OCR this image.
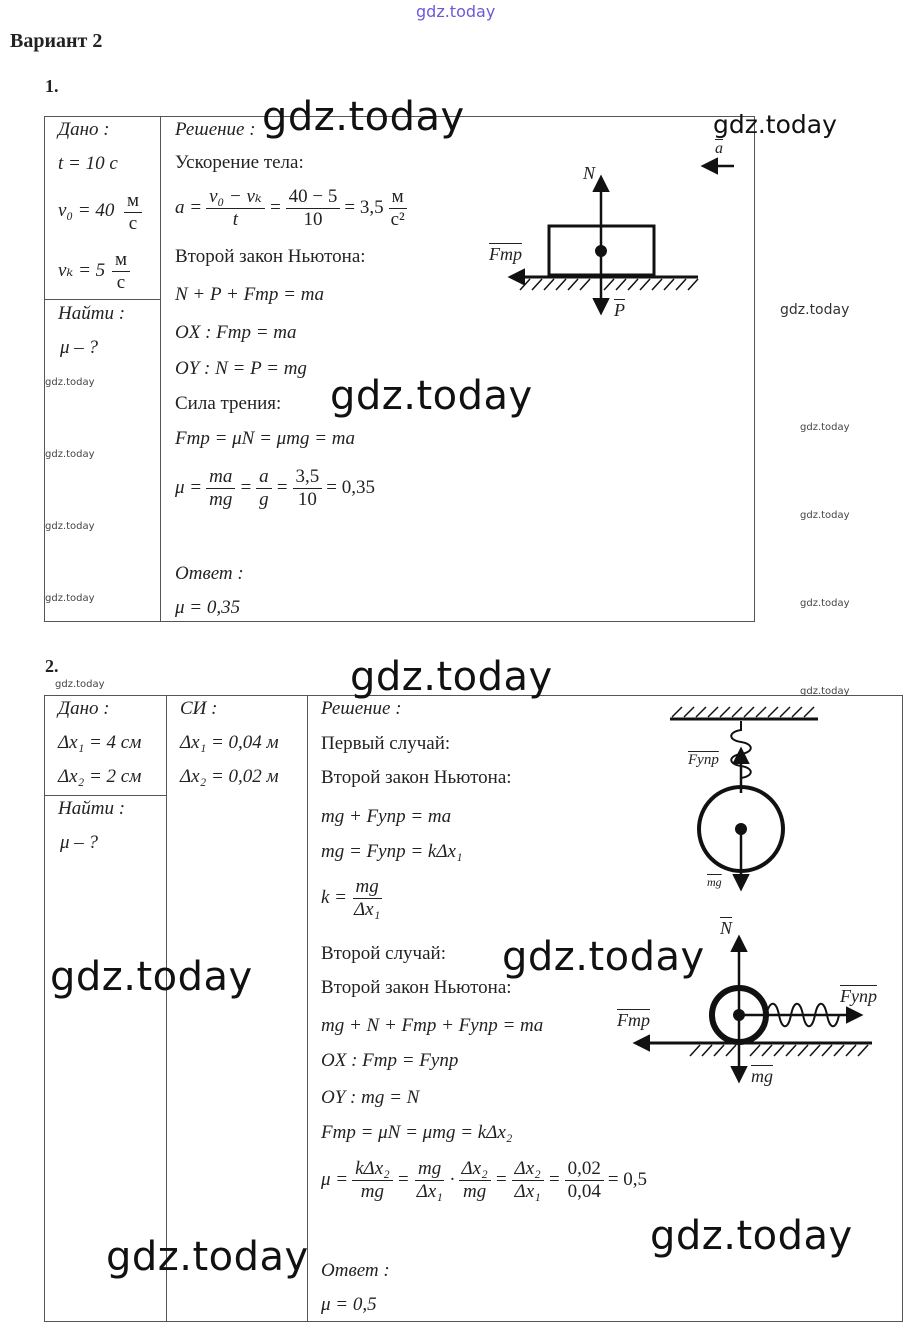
gdz.today
Вариант 2
1.
Дано :
t = 10 с
$v_0 = 40 \frac{м}{с}$
$v_k = 5 \frac{м}{с}$
Найти :
μ – ?
Решение :
Ускорение тела:
$a = \frac{\text{v₀ − vₖ}}{t} = \frac{40 - 5}{10} = 3,5 \frac{м}{\text{с²}}$
Второй закон Ньютона:
N + P + Fтр = ma
OX : Fтр = ma
OY : N = P = mg
Сила трения:
Fтр = μN = μmg = ma
$\mu = \frac{ma}{mg} = \frac{a}{g} = \frac{3,5}{10} = 0,35$
Ответ :
μ = 0,35
N
$\overline{P}$
Fтр
$\overline{a}$
2.
Дано :
Δx₁ = 4 см
Δx₂ = 2 см
Найти :
μ – ?
СИ :
Δx₁ = 0,04 м
Δx₂ = 0,02 м
Решение :
Первый случай:
Второй закон Ньютона:
mg + Fупр = ma
mg = Fупр = kΔx₁
$k = \frac{mg}{\text{Δx₁}}$
Второй случай:
Второй закон Ньютона:
mg + N + Fтр + Fупр = ma
OX : Fтр = Fупр
OY : mg = N
Fтр = μN = μmg = kΔx₂
$\mu = \frac{\text{kΔx₂}}{mg} = \frac{mg}{\text{Δx₁}} \cdot \frac{\text{Δx₂}}{mg} = \frac{\text{Δx₂}}{\text{Δx₁}} = \frac{0,02}{0,04} = 0,5$
Ответ :
μ = 0,5
Fупр
$\overline{mg}$
$\overline{N}$
Fупр
Fтр
$\overline{mg}$
gdz.today	gdz.today
gdz.today
gdz.today
gdz.today
gdz.today
gdz.today
gdz.today
gdz.today
gdz.today
gdz.today
gdz.today
gdz.today
gdz.today
gdz.today
gdz.today
gdz.today
gdz.today
